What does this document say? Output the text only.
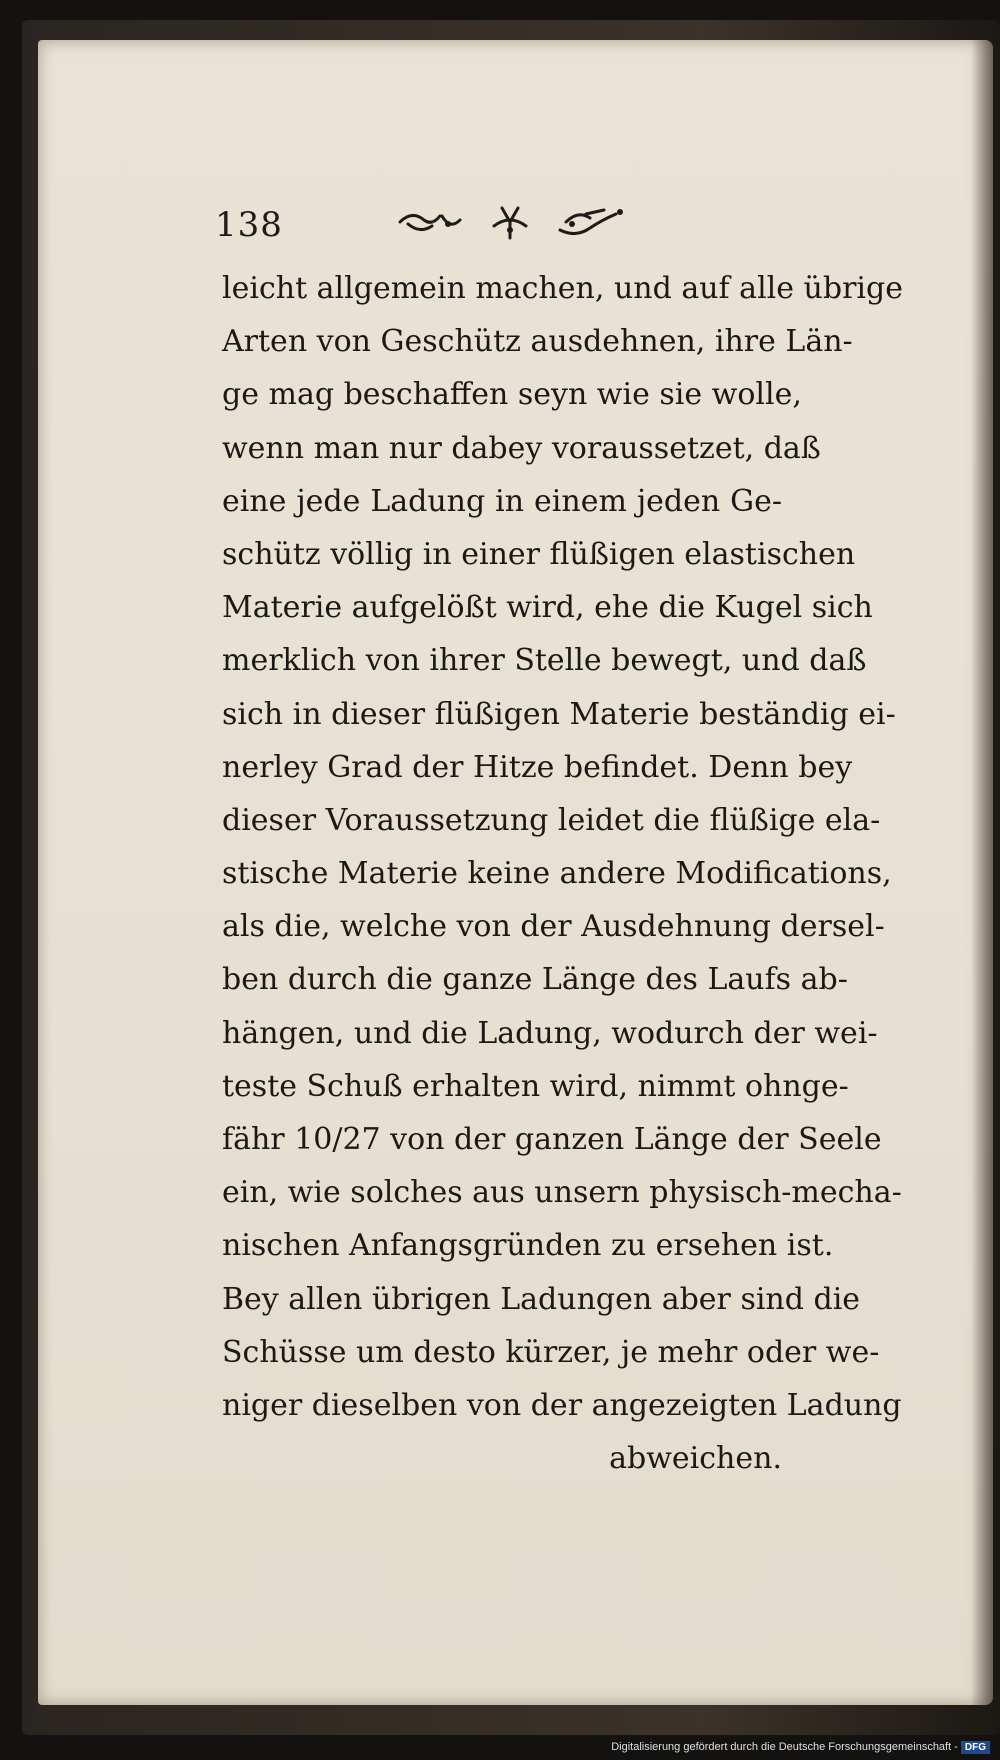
138
leicht allgemein machen, und auf alle übrige
Arten von Geschütz ausdehnen, ihre Län-
ge mag beschaffen seyn wie sie wolle,
wenn man nur dabey voraussetzet, daß
eine jede Ladung in einem jeden Ge-
schütz völlig in einer flüßigen elastischen
Materie aufgelößt wird, ehe die Kugel sich
merklich von ihrer Stelle bewegt, und daß
sich in dieser flüßigen Materie beständig ei-
nerley Grad der Hitze befindet. Denn bey
dieser Voraussetzung leidet die flüßige ela-
stische Materie keine andere Modifications,
als die, welche von der Ausdehnung dersel-
ben durch die ganze Länge des Laufs ab-
hängen, und die Ladung, wodurch der wei-
teste Schuß erhalten wird, nimmt ohnge-
fähr 10/27 von der ganzen Länge der Seele
ein, wie solches aus unsern physisch-mecha-
nischen Anfangsgründen zu ersehen ist.
Bey allen übrigen Ladungen aber sind die
Schüsse um desto kürzer, je mehr oder we-
niger dieselben von der angezeigten Ladung
abweichen.
Digitalisierung gefördert durch die Deutsche Forschungsgemeinschaft - DFG
